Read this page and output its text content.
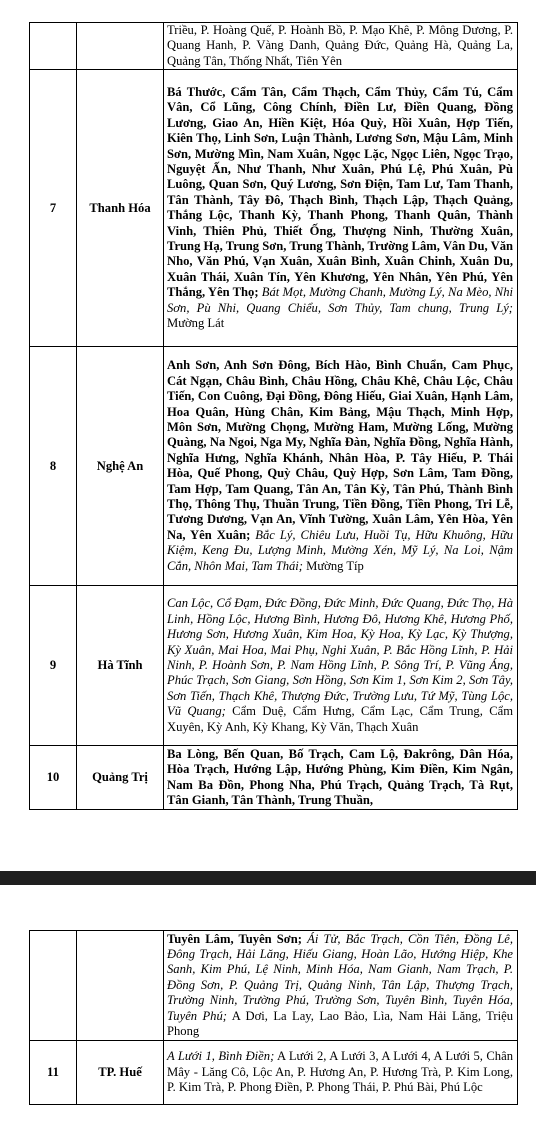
		Triều, P. Hoàng Quế, P. Hoành Bồ, P. Mạo Khê, P. Mông Dương, P. Quang Hanh, P. Vàng Danh, Quảng Đức, Quảng Hà, Quảng La, Quảng Tân, Thống Nhất, Tiên Yên
7	Thanh Hóa	Bá Thước, Cẩm Tân, Cẩm Thạch, Cẩm Thủy, Cẩm Tú, Cẩm Vân, Cổ Lũng, Công Chính, Điền Lư, Điền Quang, Đồng Lương, Giao An, Hiền Kiệt, Hóa Quỳ, Hồi Xuân, Hợp Tiến, Kiên Thọ, Linh Sơn, Luận Thành, Lương Sơn, Mậu Lâm, Minh Sơn, Mường Mìn, Nam Xuân, Ngọc Lặc, Ngọc Liên, Ngọc Trạo, Nguyệt Ấn, Như Thanh, Như Xuân, Phú Lệ, Phú Xuân, Pù Luông, Quan Sơn, Quý Lương, Sơn Điện, Tam Lư, Tam Thanh, Tân Thành, Tây Đô, Thạch Bình, Thạch Lập, Thạch Quảng, Thắng Lộc, Thanh Kỳ, Thanh Phong, Thanh Quân, Thành Vinh, Thiên Phủ, Thiết Ống, Thượng Ninh, Thường Xuân, Trung Hạ, Trung Sơn, Trung Thành, Trường Lâm, Vân Du, Văn Nho, Văn Phú, Vạn Xuân, Xuân Bình, Xuân Chinh, Xuân Du, Xuân Thái, Xuân Tín, Yên Khương, Yên Nhân, Yên Phú, Yên Thắng, Yên Thọ; Bát Mọt, Mường Chanh, Mường Lý, Na Mèo, Nhi Sơn, Pù Nhi, Quang Chiểu, Sơn Thủy, Tam chung, Trung Lý; Mường Lát
8	Nghệ An	Anh Sơn, Anh Sơn Đông, Bích Hào, Bình Chuẩn, Cam Phục, Cát Ngạn, Châu Bình, Châu Hồng, Châu Khê, Châu Lộc, Châu Tiến, Con Cuông, Đại Đồng, Đông Hiếu, Giai Xuân, Hạnh Lâm, Hoa Quân, Hùng Chân, Kim Bảng, Mậu Thạch, Minh Hợp, Môn Sơn, Mường Chọng, Mường Ham, Mường Lống, Mường Quàng, Na Ngoi, Nga My, Nghĩa Đàn, Nghĩa Đồng, Nghĩa Hành, Nghĩa Hưng, Nghĩa Khánh, Nhân Hòa, P. Tây Hiếu, P. Thái Hòa, Quế Phong, Quỳ Châu, Quỳ Hợp, Sơn Lâm, Tam Đồng, Tam Hợp, Tam Quang, Tân An, Tân Kỳ, Tân Phú, Thành Bình Thọ, Thông Thụ, Thuần Trung, Tiền Đồng, Tiền Phong, Tri Lễ, Tương Dương, Vạn An, Vĩnh Tường, Xuân Lâm, Yên Hòa, Yên Na, Yên Xuân; Bắc Lý, Chiêu Lưu, Huồi Tụ, Hữu Khuông, Hữu Kiệm, Keng Đu, Lượng Minh, Mường Xén, Mỹ Lý, Na Loi, Nậm Cắn, Nhôn Mai, Tam Thái; Mường Típ
9	Hà Tĩnh	Can Lộc, Cổ Đạm, Đức Đồng, Đức Minh, Đức Quang, Đức Thọ, Hà Linh, Hồng Lộc, Hương Bình, Hương Đô, Hương Khê, Hương Phố, Hương Sơn, Hương Xuân, Kim Hoa, Kỳ Hoa, Kỳ Lạc, Kỳ Thượng, Kỳ Xuân, Mai Hoa, Mai Phụ, Nghi Xuân, P. Bắc Hồng Lĩnh, P. Hải Ninh, P. Hoành Sơn, P. Nam Hồng Lĩnh, P. Sông Trí, P. Vũng Áng, Phúc Trạch, Sơn Giang, Sơn Hồng, Sơn Kim 1, Sơn Kim 2, Sơn Tây, Sơn Tiến, Thạch Khê, Thượng Đức, Trường Lưu, Tứ Mỹ, Tùng Lộc, Vũ Quang; Cẩm Duệ, Cẩm Hưng, Cẩm Lạc, Cẩm Trung, Cẩm Xuyên, Kỳ Anh, Kỳ Khang, Kỳ Văn, Thạch Xuân
10	Quảng Trị	Ba Lòng, Bến Quan, Bố Trạch, Cam Lộ, Đakrông, Dân Hóa, Hòa Trạch, Hướng Lập, Hướng Phùng, Kim Điền, Kim Ngân, Nam Ba Đồn, Phong Nha, Phú Trạch, Quảng Trạch, Tà Rụt, Tân Gianh, Tân Thành, Trung Thuần,
		Tuyên Lâm, Tuyên Sơn; Ái Tử, Bắc Trạch, Cồn Tiên, Đồng Lê, Đông Trạch, Hải Lăng, Hiếu Giang, Hoàn Lão, Hướng Hiệp, Khe Sanh, Kim Phú, Lệ Ninh, Minh Hóa, Nam Gianh, Nam Trạch, P. Đồng Sơn, P. Quảng Trị, Quảng Ninh, Tân Lập, Thượng Trạch, Trường Ninh, Trường Phú, Trường Sơn, Tuyên Bình, Tuyên Hóa, Tuyên Phú; A Dơi, La Lay, Lao Bảo, Lìa, Nam Hải Lăng, Triệu Phong
11	TP. Huế	A Lưới 1, Bình Điền; A Lưới 2, A Lưới 3, A Lưới 4, A Lưới 5, Chân Mây - Lăng Cô, Lộc An, P. Hương An, P. Hương Trà, P. Kim Long, P. Kim Trà, P. Phong Điền, P. Phong Thái, P. Phú Bài, Phú Lộc
